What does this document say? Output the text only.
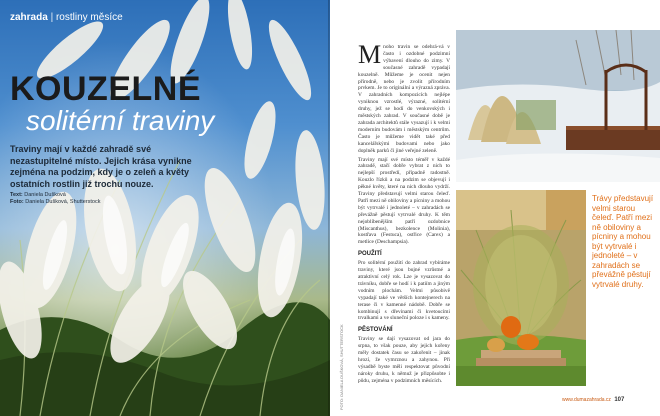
zahrada | rostliny měsíce
KOUZELNÉ
solitérní traviny
Traviny mají v každé zahradě své nezastupitelné místo. Jejich krása vynikne zejména na podzim, kdy je o zeleň a květy ostatních rostlin již trochu nouze.
Text: Daniela Dušková
Foto: Daniela Dušková, Shutterstock

Mnoho travin se odehrá-vá v často i ozdobné podzimní výbavení dlouho do zimy. V současné zahradě vypadají kouzelně. Můžeme je ocenit nejen přírodně, nebo je zvolit přírodním prvkem. Je to originální a výrazná zpráva. V zahradních kompozicích nejlépe vyniknou vzrostlé, výrazné, solitérní druhy, jež se hodí do venkovských i městských zahrad. V současné době je zahrada architektů stále vysazují i k velmi moderním budovám i městským centrům. Často je můžeme vidět také před kancelářskými budovami nebo jako doplněk parků či jiné veřejné zeleně.

Traviny mají své místo téměř v každé zahradě, stačí dobře vybrat z nich to nejlepší prostředí, případně radostně. Kouzlo řízků a na podzim se objevují i pěkné květy, které na nich dlouho vydrží. Traviny představují velmi starou čeleď. Patří mezi ně obiloviny a pícniny a mohou být vytrvalé i jednoleté – v zahradách se převážně pěstují vytrvalé druhy. K těm nejoblíbenějším patří ozdobnice (Miscanthus), bezkolence (Molinia), kostřava (Festuca), ostřice (Carex) a metlice (Deschampsia).

POUŽITÍ

Pro solitérní použití do zahrad vybíráme traviny, které jsou bujné vzrůstné a atraktivní celý rok. Lze je vysazovat do trávníku, dobře se hodí i k patiím a jiným vodním plochám. Velmi působivě vypadají také ve větších kontejnerech na terase či v kamenné nádobě. Dobře se kombinují s dřevinami či kvetoucími trvalkami a ve sluneční poloze i s kameny.

PĚSTOVÁNÍ

Traviny se dají vysazovat od jara do srpna, to však pouze, aby jejich kořeny měly dostatek času se zakořenit – jinak hrozí, že vymrznou a zahynou. Při výsadbě byste měli respektovat původní nároky druhu, k němuž je přizpůsobte i půdu, zejména v podzimních měsících.

FOTO: DANIELA DUŠKOVÁ, SHUTTERSTOCK
Trávy představují velmi starou čeleď. Patří mezi ně obiloviny a pícniny a mohou být vytrvalé i jednoleté – v zahradách se převážně pěstují vytrvalé druhy.
www.dumazahrada.cz 107
